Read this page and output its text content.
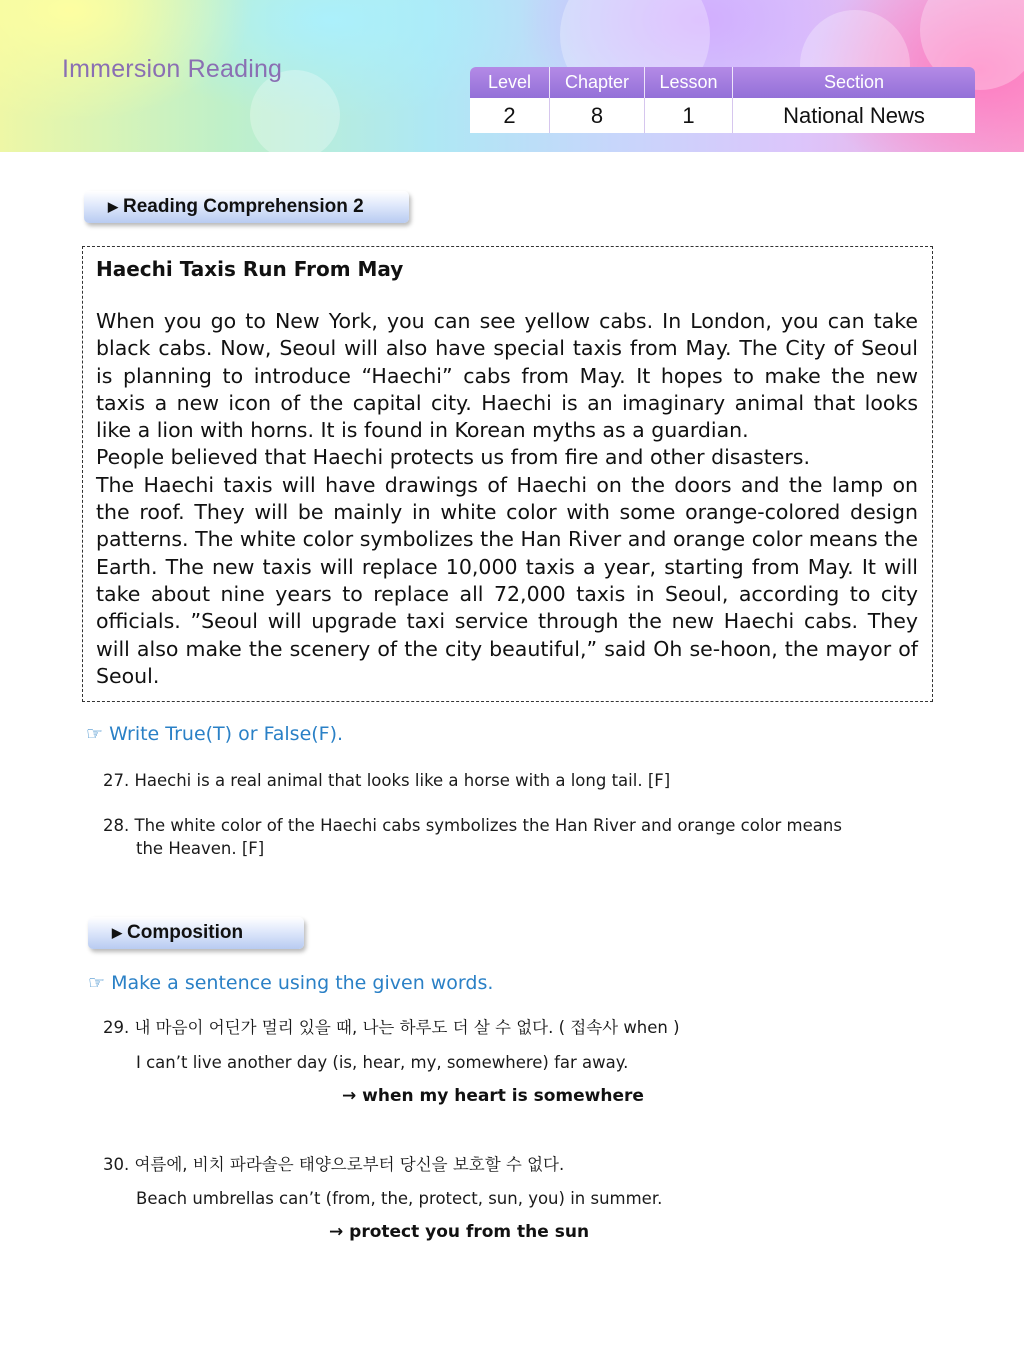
Immersion Reading	Level	Chapter	Lesson	Section
2	8	1	National News
▶ Reading Comprehension 2
Haechi Taxis Run From May

When you go to New York, you can see yellow cabs. In London, you can take black cabs. Now, Seoul will also have special taxis from May. The City of Seoul is planning to introduce “Haechi” cabs from May. It hopes to make the new taxis a new icon of the capital city. Haechi is an imaginary animal that looks like a lion with horns. It is found in Korean myths as a guardian.

People believed that Haechi protects us from fire and other disasters.

The Haechi taxis will have drawings of Haechi on the doors and the lamp on the roof. They will be mainly in white color with some orange-colored design patterns. The white color symbolizes the Han River and orange color means the Earth. The new taxis will replace 10,000 taxis a year, starting from May. It will take about nine years to replace all 72,000 taxis in Seoul, according to city officials. ”Seoul will upgrade taxi service through the new Haechi cabs. They will also make the scenery of the city beautiful,” said Oh se-hoon, the mayor of Seoul.

☞ Write True(T) or False(F).
27. Haechi is a real animal that looks like a horse with a long tail. [F]
28. The white color of the Haechi cabs symbolizes the Han River and orange color means
the Heaven. [F]
▶ Composition
☞ Make a sentence using the given words.
29. 내 마음이 어딘가 멀리 있을 때, 나는 하루도 더 살 수 없다. ( 접속사 when )
I can’t live another day (is, hear, my, somewhere) far away.
→ when my heart is somewhere
30. 여름에, 비치 파라솔은 태양으로부터 당신을 보호할 수 없다.
Beach umbrellas can’t (from, the, protect, sun, you) in summer.
→ protect you from the sun
